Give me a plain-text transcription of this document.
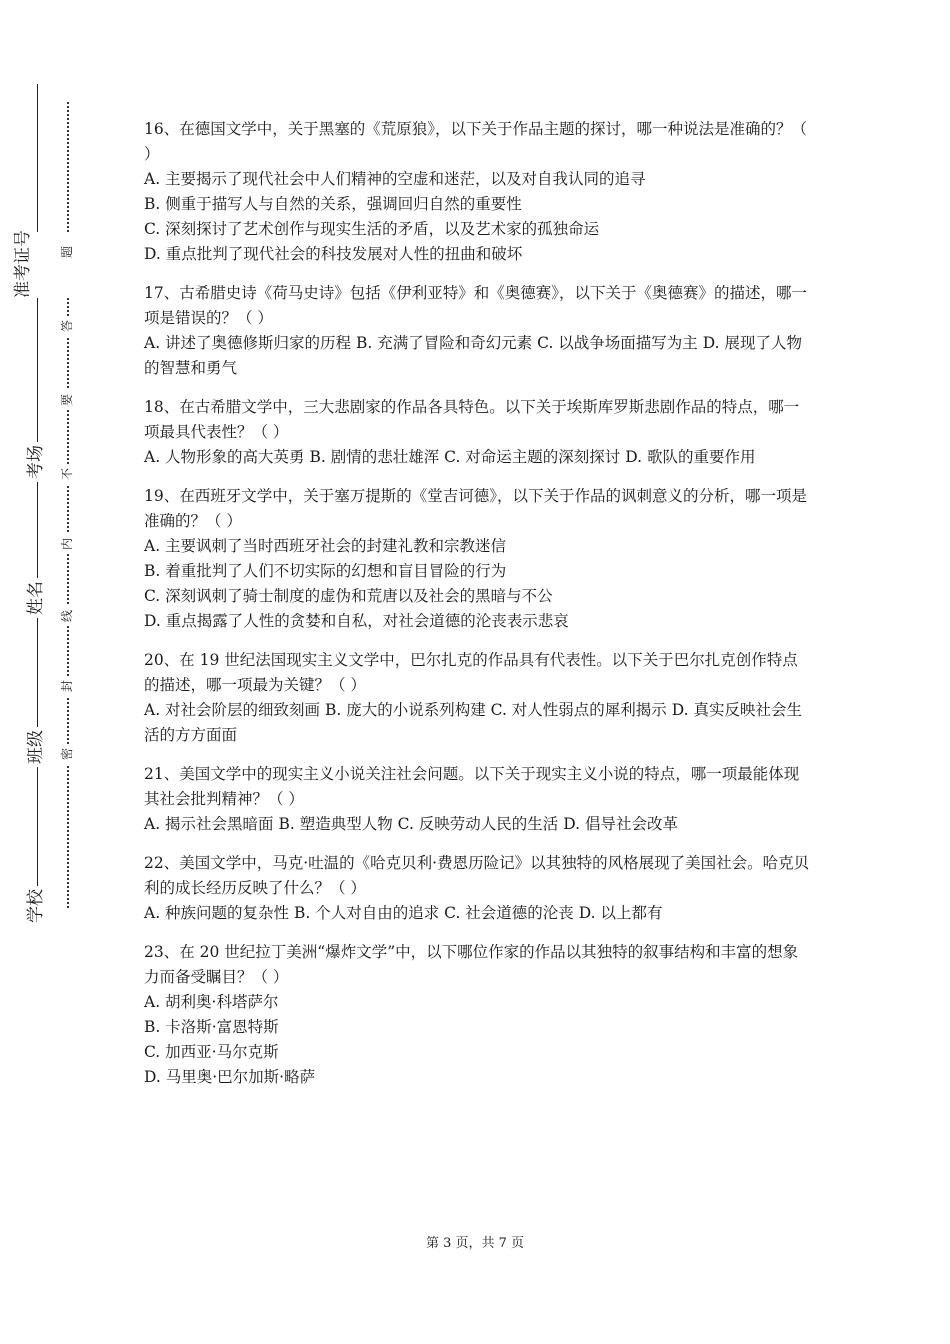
准考证号
考场
姓名
班级
学校
题
答
要
不
内
线
封
密

16、在德国文学中，关于黑塞的《荒原狼》，以下关于作品主题的探讨，哪一种说法是准确的？（ ）

A. 主要揭示了现代社会中人们精神的空虚和迷茫，以及对自我认同的追寻
B. 侧重于描写人与自然的关系，强调回归自然的重要性
C. 深刻探讨了艺术创作与现实生活的矛盾，以及艺术家的孤独命运
D. 重点批判了现代社会的科技发展对人性的扭曲和破坏

17、古希腊史诗《荷马史诗》包括《伊利亚特》和《奥德赛》，以下关于《奥德赛》的描述，哪一项是错误的？（ ）

A. 讲述了奥德修斯归家的历程 B. 充满了冒险和奇幻元素 C. 以战争场面描写为主 D. 展现了人物的智慧和勇气

18、在古希腊文学中，三大悲剧家的作品各具特色。以下关于埃斯库罗斯悲剧作品的特点，哪一项最具代表性？（ ）

A. 人物形象的高大英勇 B. 剧情的悲壮雄浑 C. 对命运主题的深刻探讨 D. 歌队的重要作用

19、在西班牙文学中，关于塞万提斯的《堂吉诃德》，以下关于作品的讽刺意义的分析，哪一项是准确的？（ ）

A. 主要讽刺了当时西班牙社会的封建礼教和宗教迷信
B. 着重批判了人们不切实际的幻想和盲目冒险的行为
C. 深刻讽刺了骑士制度的虚伪和荒唐以及社会的黑暗与不公
D. 重点揭露了人性的贪婪和自私，对社会道德的沦丧表示悲哀

20、在 19 世纪法国现实主义文学中，巴尔扎克的作品具有代表性。以下关于巴尔扎克创作特点的描述，哪一项最为关键？（ ）

A. 对社会阶层的细致刻画 B. 庞大的小说系列构建 C. 对人性弱点的犀利揭示 D. 真实反映社会生活的方方面面

21、美国文学中的现实主义小说关注社会问题。以下关于现实主义小说的特点，哪一项最能体现其社会批判精神？（ ）

A. 揭示社会黑暗面 B. 塑造典型人物 C. 反映劳动人民的生活 D. 倡导社会改革

22、美国文学中，马克·吐温的《哈克贝利·费恩历险记》以其独特的风格展现了美国社会。哈克贝利的成长经历反映了什么？（ ）

A. 种族问题的复杂性 B. 个人对自由的追求 C. 社会道德的沦丧 D. 以上都有

23、在 20 世纪拉丁美洲“爆炸文学”中，以下哪位作家的作品以其独特的叙事结构和丰富的想象力而备受瞩目？（ ）

A. 胡利奥·科塔萨尔
B. 卡洛斯·富恩特斯
C. 加西亚·马尔克斯
D. 马里奥·巴尔加斯·略萨
第 3 页，共 7 页
